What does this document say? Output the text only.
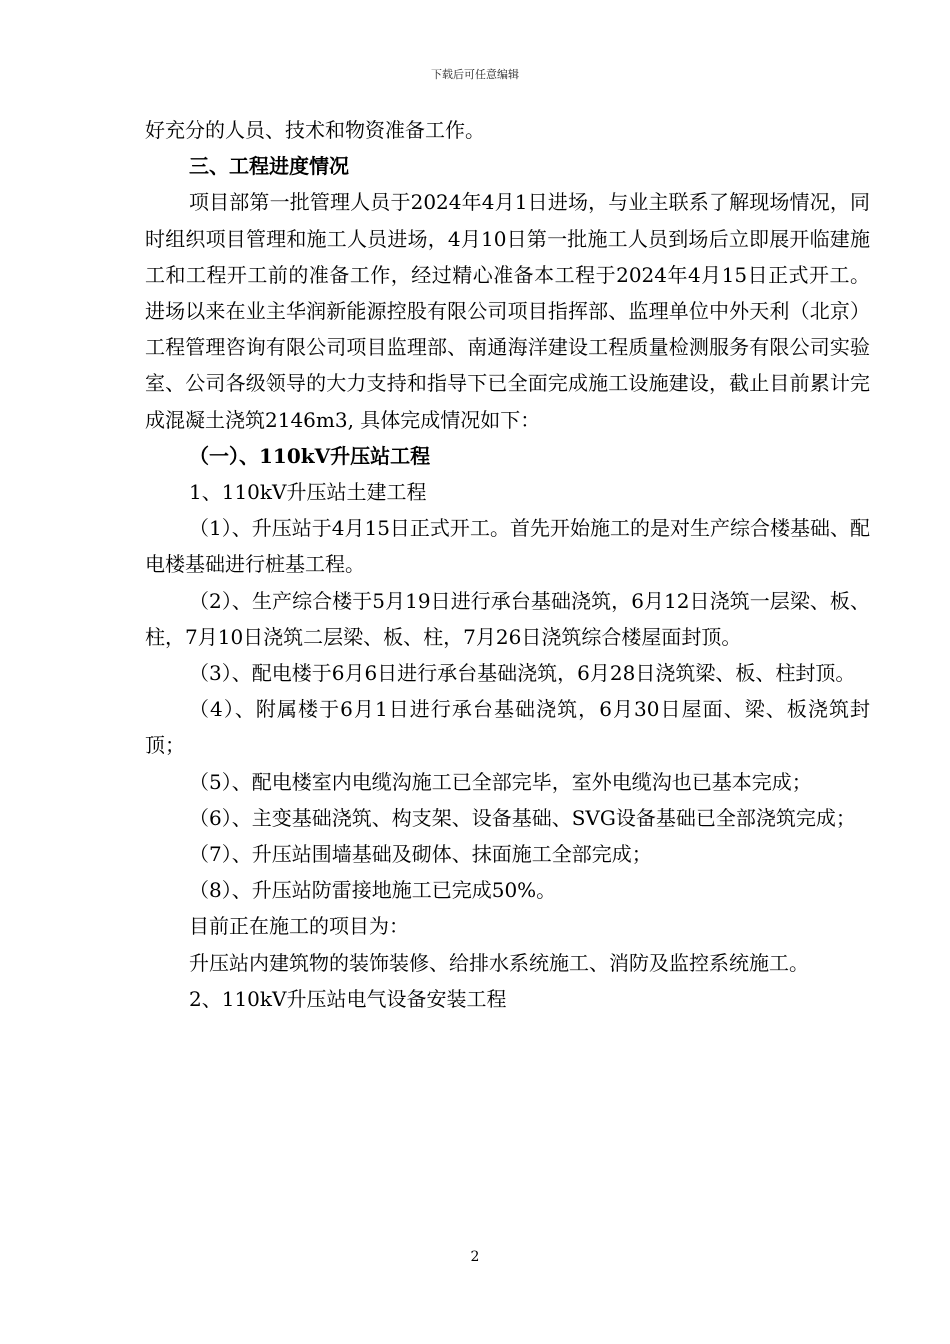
下载后可任意编辑

好充分的人员、技术和物资准备工作。

三、工程进度情况

项目部第一批管理人员于2024年4月1日进场，与业主联系了解现场情况，同时组织项目管理和施工人员进场，4月10日第一批施工人员到场后立即展开临建施工和工程开工前的准备工作，经过精心准备本工程于2024年4月15日正式开工。进场以来在业主华润新能源控股有限公司项目指挥部、监理单位中外天利（北京）工程管理咨询有限公司项目监理部、南通海洋建设工程质量检测服务有限公司实验室、公司各级领导的大力支持和指导下已全面完成施工设施建设，截止目前累计完成混凝土浇筑2146m3, 具体完成情况如下：

（一）、110kV升压站工程

1、110kV升压站土建工程

（1）、升压站于4月15日正式开工。首先开始施工的是对生产综合楼基础、配电楼基础进行桩基工程。

（2）、生产综合楼于5月19日进行承台基础浇筑，6月12日浇筑一层梁、板、柱，7月10日浇筑二层梁、板、柱，7月26日浇筑综合楼屋面封顶。

（3）、配电楼于6月6日进行承台基础浇筑，6月28日浇筑梁、板、柱封顶。

（4）、附属楼于6月1日进行承台基础浇筑，6月30日屋面、梁、板浇筑封顶；

（5）、配电楼室内电缆沟施工已全部完毕，室外电缆沟也已基本完成；

（6）、主变基础浇筑、构支架、设备基础、SVG设备基础已全部浇筑完成；

（7）、升压站围墙基础及砌体、抹面施工全部完成；

（8）、升压站防雷接地施工已完成50%。

目前正在施工的项目为：

升压站内建筑物的装饰装修、给排水系统施工、消防及监控系统施工。

2、110kV升压站电气设备安装工程

2
